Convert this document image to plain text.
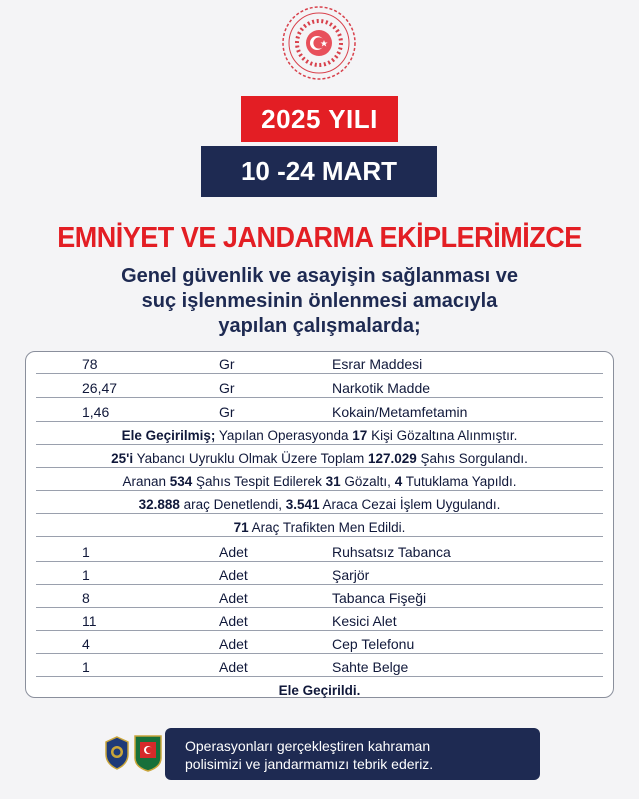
2025 YILI
10 -24 MART
EMNİYET VE JANDARMA EKİPLERİMİZCE
Genel güvenlik ve asayişin sağlanması ve
suç işlenmesinin önlenmesi amacıyla
yapılan çalışmalarda;
78	Gr	Esrar Maddesi
26,47	Gr	Narkotik Madde
1,46	Gr	Kokain/Metamfetamin
Ele Geçirilmiş; Yapılan Operasyonda 17 Kişi Gözaltına Alınmıştır.
25'i Yabancı Uyruklu Olmak Üzere Toplam 127.029 Şahıs Sorgulandı.
Aranan 534 Şahıs Tespit Edilerek 31 Gözaltı, 4 Tutuklama Yapıldı.
32.888 araç Denetlendi, 3.541 Araca Cezai İşlem Uygulandı.
71 Araç Trafikten Men Edildi.
1	Adet	Ruhsatsız Tabanca
1	Adet	Şarjör
8	Adet	Tabanca Fişeği
11	Adet	Kesici Alet
4	Adet	Cep Telefonu
1	Adet	Sahte Belge
Ele Geçirildi.
Operasyonları gerçekleştiren kahraman
polisimizi ve jandarmamızı tebrik ederiz.
